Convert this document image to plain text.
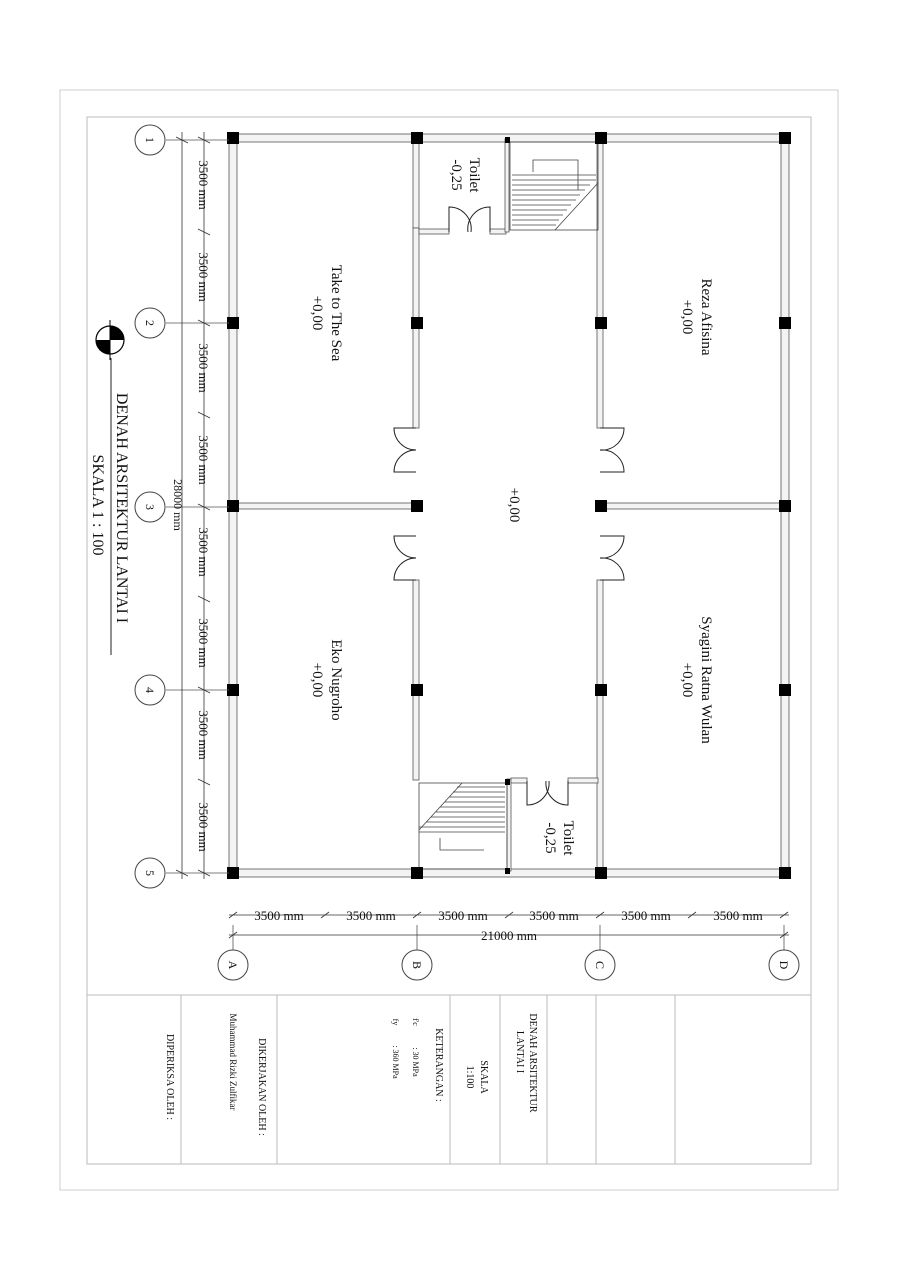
Toilet
-0,25
Take to The Sea
+0,00	Reza Afisina
+0,00
+0,00
Eko Nugroho
+0,00	Syagini Ratna Wulan
+0,00
Toilet
-0,25
1
2
3
4
5
3500 mm
3500 mm
3500 mm
3500 mm
3500 mm
3500 mm
3500 mm
3500 mm
28000 mm
DENAH ARSITEKTUR LANTAI I
SKALA 1 : 100
A	B	C	D
3500 mm	3500 mm	3500 mm	3500 mm	3500 mm	3500 mm
21000 mm
DENAH ARSITEKTUR
LANTAI I
SKALA
1:100
KETERANGAN :
f'c
: 30 MPa
fy
: 360 MPa
DIKERJAKAN OLEH :
Muhammad Rizki Zulfikar
DIPERIKSA OLEH :
